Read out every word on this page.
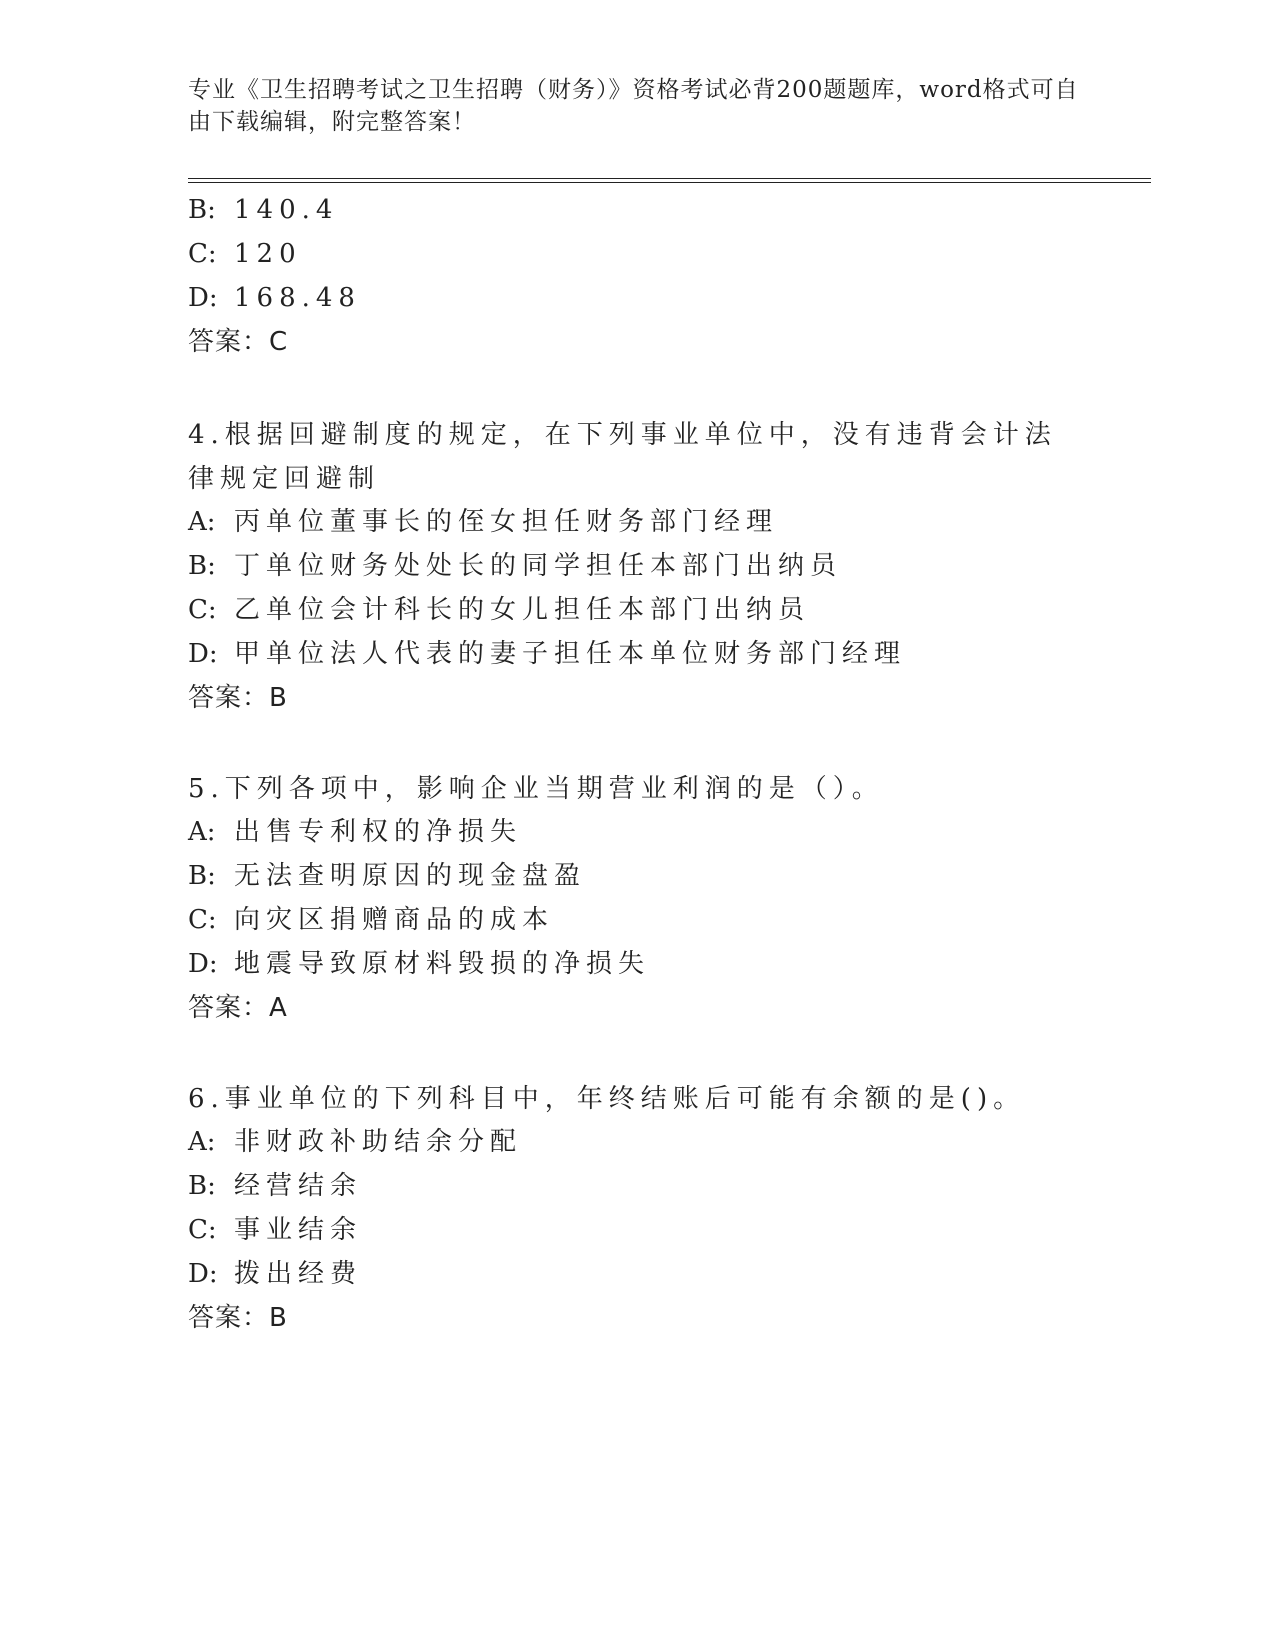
专业《卫生招聘考试之卫生招聘（财务）》资格考试必背200题题库，word格式可自由下载编辑，附完整答案！
B: 140.4
C: 120
D: 168.48
答案：C
4.根据回避制度的规定，在下列事业单位中，没有违背会计法律规定回避制
A: 丙单位董事长的侄女担任财务部门经理
B: 丁单位财务处处长的同学担任本部门出纳员
C: 乙单位会计科长的女儿担任本部门出纳员
D: 甲单位法人代表的妻子担任本单位财务部门经理
答案：B
5.下列各项中，影响企业当期营业利润的是（）。
A: 出售专利权的净损失
B: 无法查明原因的现金盘盈
C: 向灾区捐赠商品的成本
D: 地震导致原材料毁损的净损失
答案：A
6.事业单位的下列科目中，年终结账后可能有余额的是()。
A: 非财政补助结余分配
B: 经营结余
C: 事业结余
D: 拨出经费
答案：B
